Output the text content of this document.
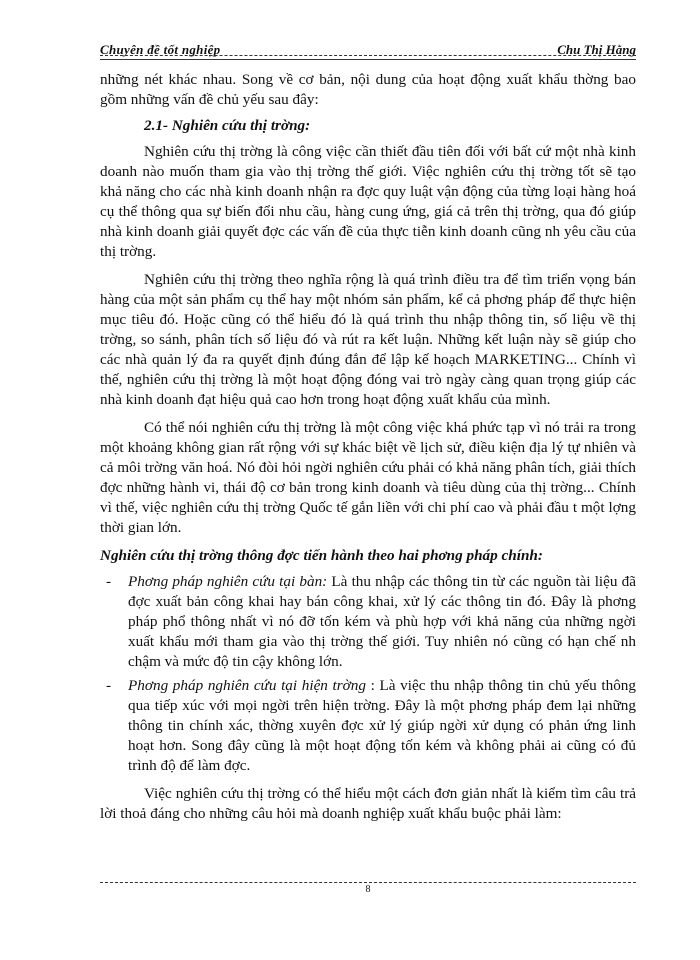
Chuyên đề tốt nghiệp	Chu Thị Hằng

những nét khác nhau. Song về cơ bản, nội dung của hoạt động xuất khẩu thờng bao gồm những vấn đề chủ yếu sau đây:

2.1- Nghiên cứu thị trờng:

Nghiên cứu thị trờng là công việc cần thiết đầu tiên đối với bất cứ một nhà kinh doanh nào muốn tham gia vào thị trờng thế giới. Việc nghiên cứu thị trờng tốt sẽ tạo khả năng cho các nhà kinh doanh nhận ra đợc quy luật vận động của từng loại hàng hoá cụ thể thông qua sự biến đổi nhu cầu, hàng cung ứng, giá cả trên thị trờng, qua đó giúp nhà kinh doanh giải quyết đợc các vấn đề của thực tiễn kinh doanh cũng nh yêu cầu của thị trờng.

Nghiên cứu thị trờng theo nghĩa rộng là quá trình điều tra để tìm triển vọng bán hàng của một sản phẩm cụ thể hay một nhóm sản phẩm, kể cả phơng pháp để thực hiện mục tiêu đó. Hoặc cũng có thể hiểu đó là quá trình thu nhập thông tin, số liệu về thị trờng, so sánh, phân tích số liệu đó và rút ra kết luận. Những kết luận này sẽ giúp cho các nhà quản lý đa ra quyết định đúng đắn để lập kế hoạch MARKETING... Chính vì thế, nghiên cứu thị trờng là một hoạt động đóng vai trò ngày càng quan trọng giúp các nhà kinh doanh đạt hiệu quả cao hơn trong hoạt động xuất khẩu của mình.

Có thể nói nghiên cứu thị trờng là một công việc khá phức tạp vì nó trải ra trong một khoảng không gian rất rộng với sự khác biệt về lịch sử, điều kiện địa lý tự nhiên và cả môi trờng văn hoá. Nó đòi hỏi ngời nghiên cứu phải có khả năng phân tích, giải thích đợc những hành vi, thái độ cơ bản trong kinh doanh và tiêu dùng của thị trờng... Chính vì thế, việc nghiên cứu thị trờng Quốc tế gắn liền với chi phí cao và phải đầu t một lợng thời gian lớn.

Nghiên cứu thị trờng thông đợc tiến hành theo hai phơng pháp chính:

- Phơng pháp nghiên cứu tại bàn: Là thu nhập các thông tin từ các nguồn tài liệu đã đợc xuất bản công khai hay bán công khai, xử lý các thông tin đó. Đây là phơng pháp phổ thông nhất vì nó đỡ tốn kém và phù hợp với khả năng của những ngời xuất khẩu mới tham gia vào thị trờng thế giới. Tuy nhiên nó cũng có hạn chế nh chậm và mức độ tin cậy không lớn.

- Phơng pháp nghiên cứu tại hiện trờng : Là việc thu nhập thông tin chủ yếu thông qua tiếp xúc với mọi ngời trên hiện trờng. Đây là một phơng pháp đem lại những thông tin chính xác, thờng xuyên đợc xử lý giúp ngời xử dụng có phản ứng linh hoạt hơn. Song đây cũng là một hoạt động tốn kém và không phải ai cũng có đủ trình độ để làm đợc.

Việc nghiên cứu thị trờng có thể hiểu một cách đơn giản nhất là kiểm tìm câu trả lời thoả đáng cho những câu hỏi mà doanh nghiệp xuất khẩu buộc phải làm:

8
